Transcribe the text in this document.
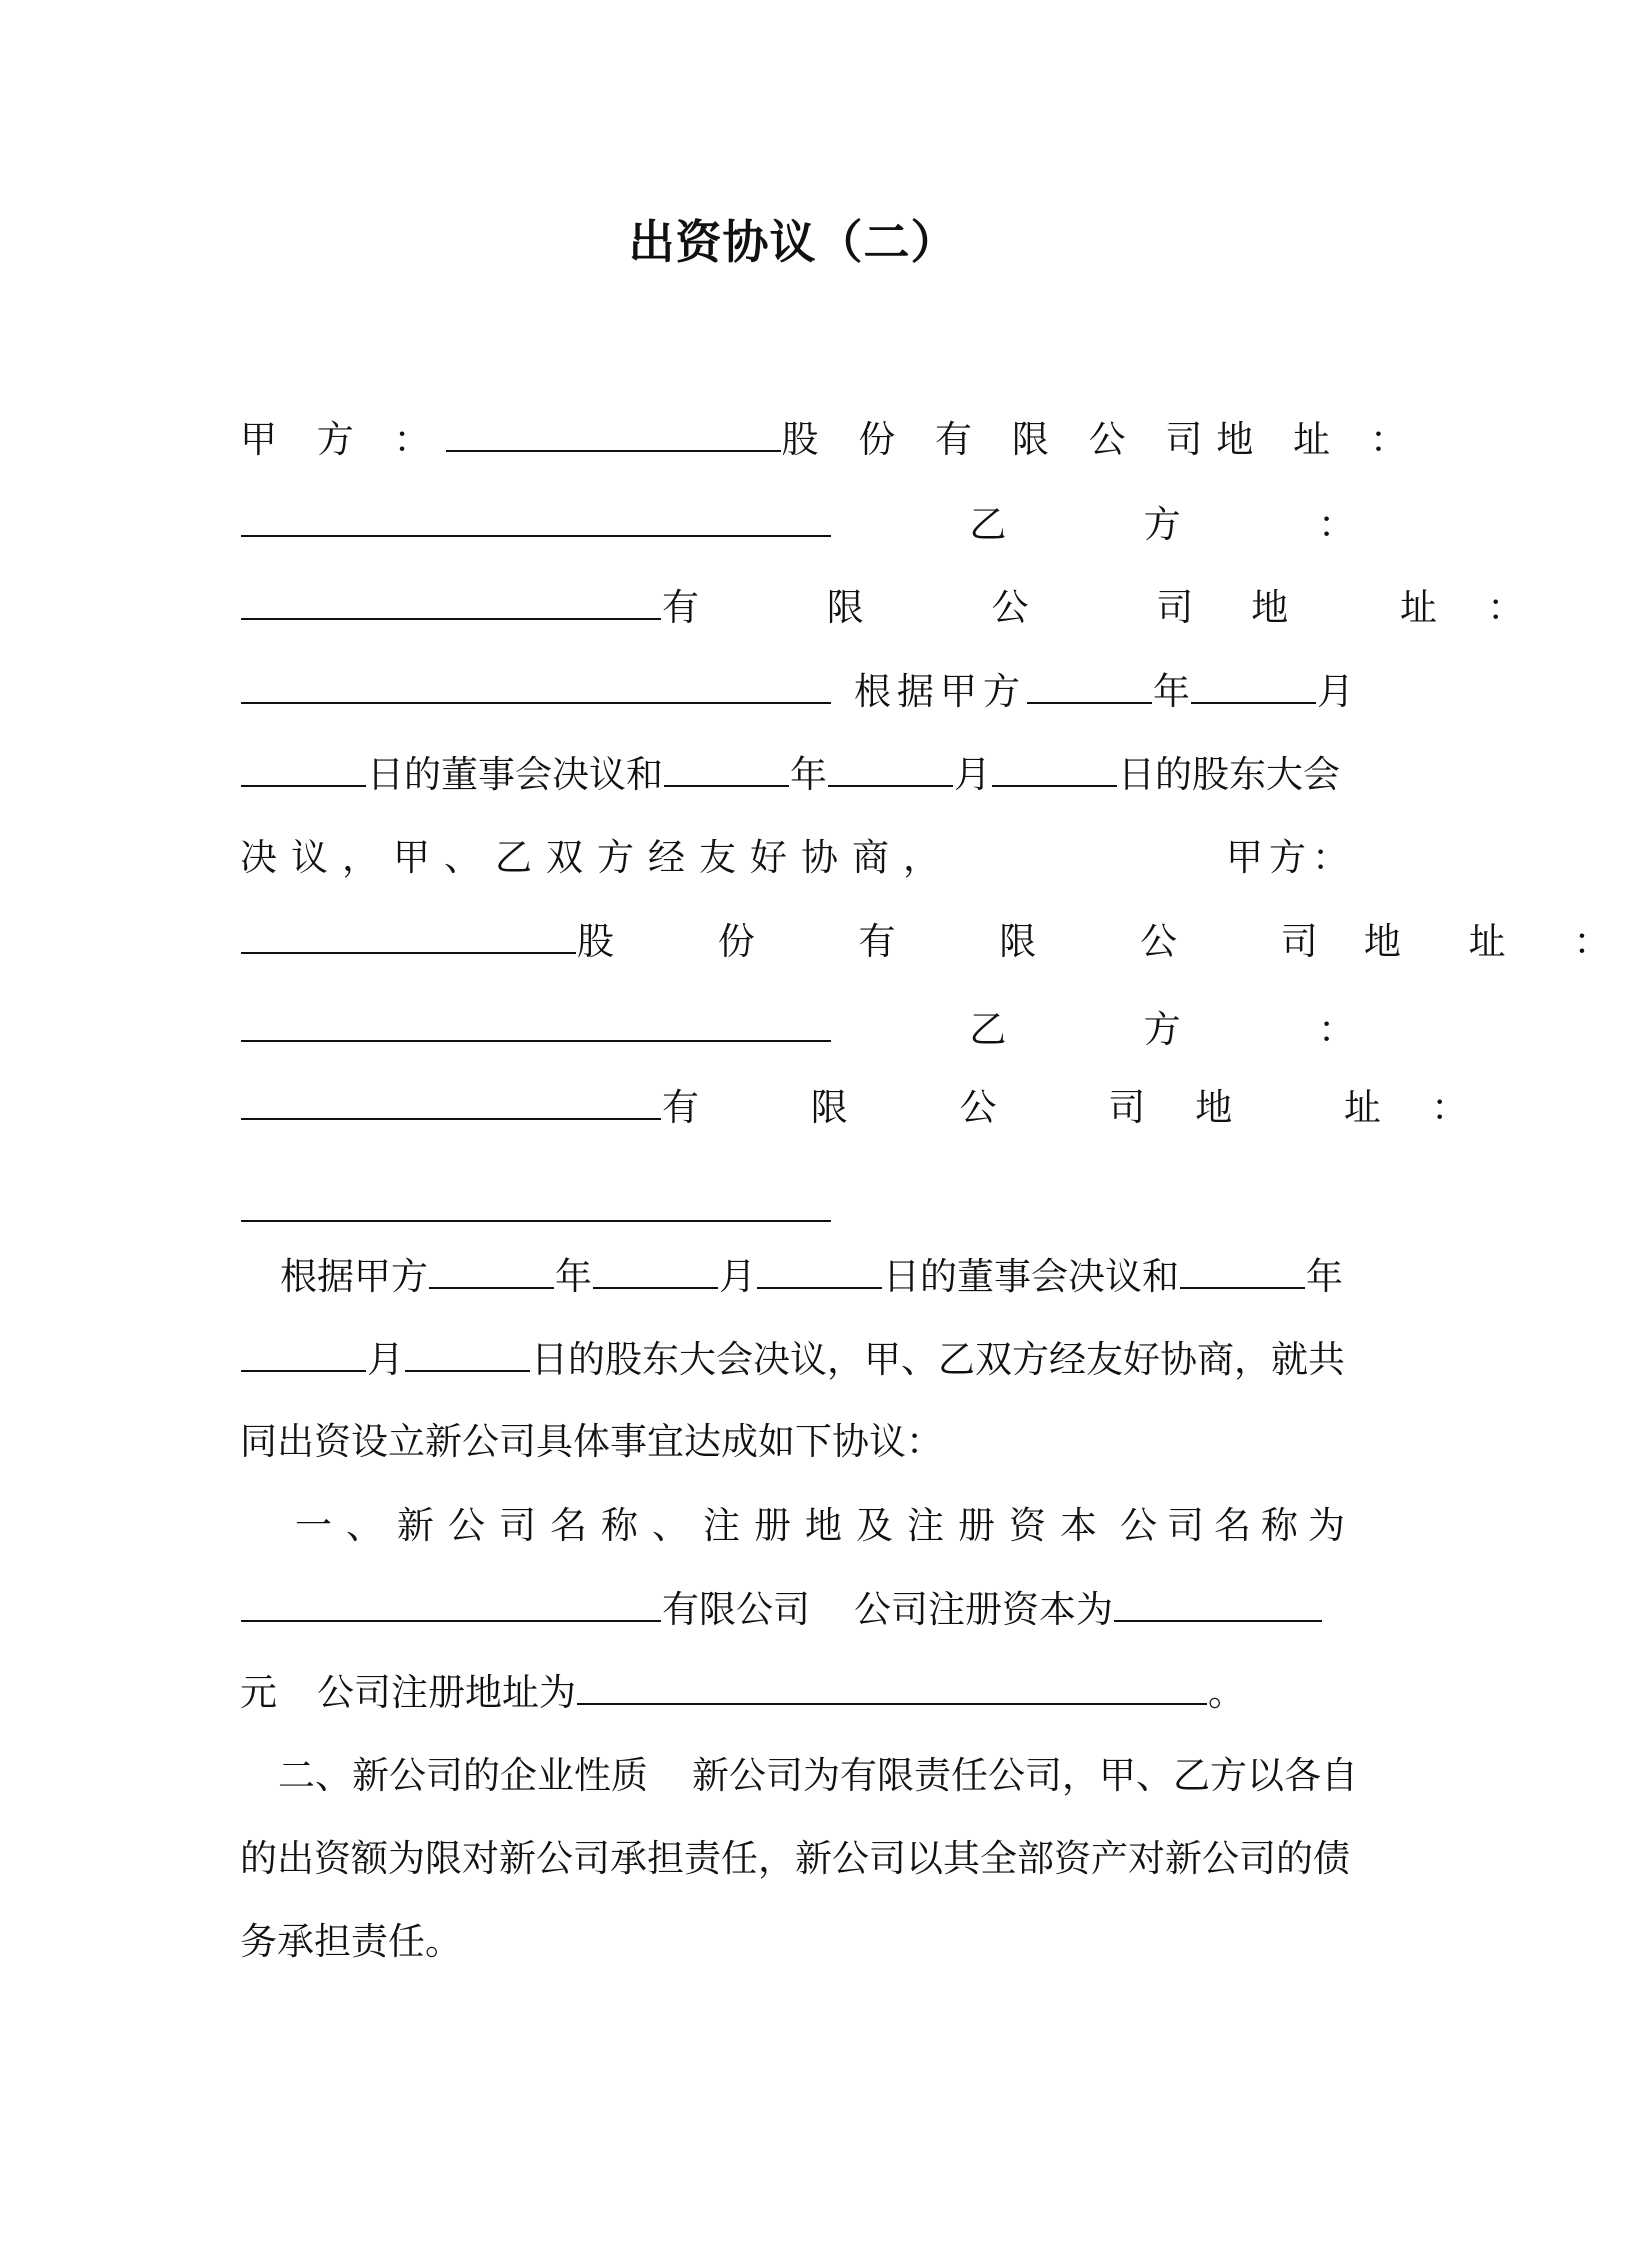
出资协议（二）
甲 方 ：	股 份 有 限 公 司 地 址 ：
乙	方	：
有 限 公 司 地 址 ：
根据甲方	年	月
日的董事会决议和	年	月	日的股东大会
决议，甲、乙双方经友好协商，	甲方：
股 份 有 限 公 司 地 址 ：
乙	方	：
有 限 公 司 地 址 ：
根据甲方	年	月	日的董事会决议和	年
月	日的股东大会决议，甲、乙双方经友好协商，就共
同出资设立新公司具体事宜达成如下协议：
一、新公司名称、注册地及注册资本 公司名称为
有限公司 公司注册资本为
元 公司注册地址为	。
二、新公司的企业性质 新公司为有限责任公司，甲、乙方以各自
的出资额为限对新公司承担责任，新公司以其全部资产对新公司的债
务承担责任。
